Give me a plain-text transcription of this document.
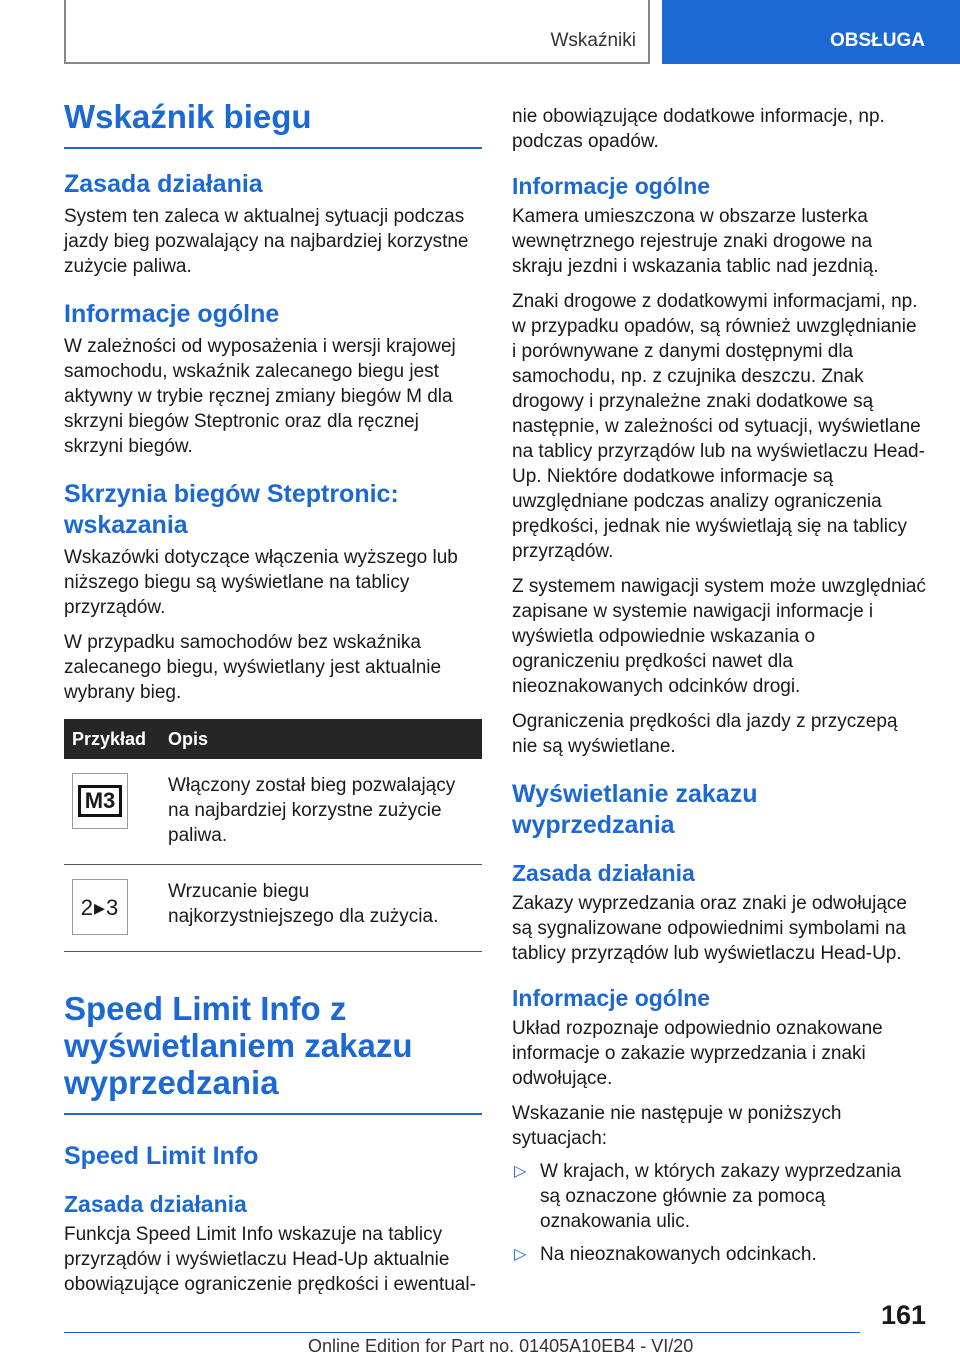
Wskaźniki	OBSŁUGA
Wskaźnik biegu
Zasada działania

System ten zaleca w aktualnej sytuacji podczas jazdy bieg pozwalający na najbardziej korzystne zużycie paliwa.

Informacje ogólne

W zależności od wyposażenia i wersji krajowej samochodu, wskaźnik zalecanego biegu jest aktywny w trybie ręcznej zmiany biegów M dla skrzyni biegów Steptronic oraz dla ręcznej skrzyni biegów.

Skrzynia biegów Steptronic: wskazania

Wskazówki dotyczące włączenia wyższego lub niższego biegu są wyświetlane na tablicy przyrządów.

W przypadku samochodów bez wskaźnika zalecanego biegu, wyświetlany jest aktualnie wybrany bieg.

Przykład	Opis

M3	Włączony został bieg pozwalający na najbardziej korzystne zużycie paliwa.

2▸3	Wrzucanie biegu najkorzystniejszego dla zużycia.
Speed Limit Info z wyświetlaniem zakazu wyprzedzania
Speed Limit Info
Zasada działania

Funkcja Speed Limit Info wskazuje na tablicy przyrządów i wyświetlaczu Head-Up aktualnie obowiązujące ograniczenie prędkości i ewentual-

nie obowiązujące dodatkowe informacje, np. podczas opadów.

Informacje ogólne

Kamera umieszczona w obszarze lusterka wewnętrznego rejestruje znaki drogowe na skraju jezdni i wskazania tablic nad jezdnią.

Znaki drogowe z dodatkowymi informacjami, np. w przypadku opadów, są również uwzględnianie i porównywane z danymi dostępnymi dla samochodu, np. z czujnika deszczu. Znak drogowy i przynależne znaki dodatkowe są następnie, w zależności od sytuacji, wyświetlane na tablicy przyrządów lub na wyświetlaczu Head-Up. Niektóre dodatkowe informacje są uwzględniane podczas analizy ograniczenia prędkości, jednak nie wyświetlają się na tablicy przyrządów.

Z systemem nawigacji system może uwzględniać zapisane w systemie nawigacji informacje i wyświetla odpowiednie wskazania o ograniczeniu prędkości nawet dla nieoznakowanych odcinków drogi.

Ograniczenia prędkości dla jazdy z przyczepą nie są wyświetlane.

Wyświetlanie zakazu wyprzedzania
Zasada działania

Zakazy wyprzedzania oraz znaki je odwołujące są sygnalizowane odpowiednimi symbolami na tablicy przyrządów lub wyświetlaczu Head-Up.

Informacje ogólne

Układ rozpoznaje odpowiednio oznakowane informacje o zakazie wyprzedzania i znaki odwołujące.

Wskazanie nie następuje w poniższych sytuacjach:

▷ W krajach, w których zakazy wyprzedzania są oznaczone głównie za pomocą oznakowania ulic.
▷ Na nieoznakowanych odcinkach.
161
Online Edition for Part no. 01405A10EB4 - VI/20
